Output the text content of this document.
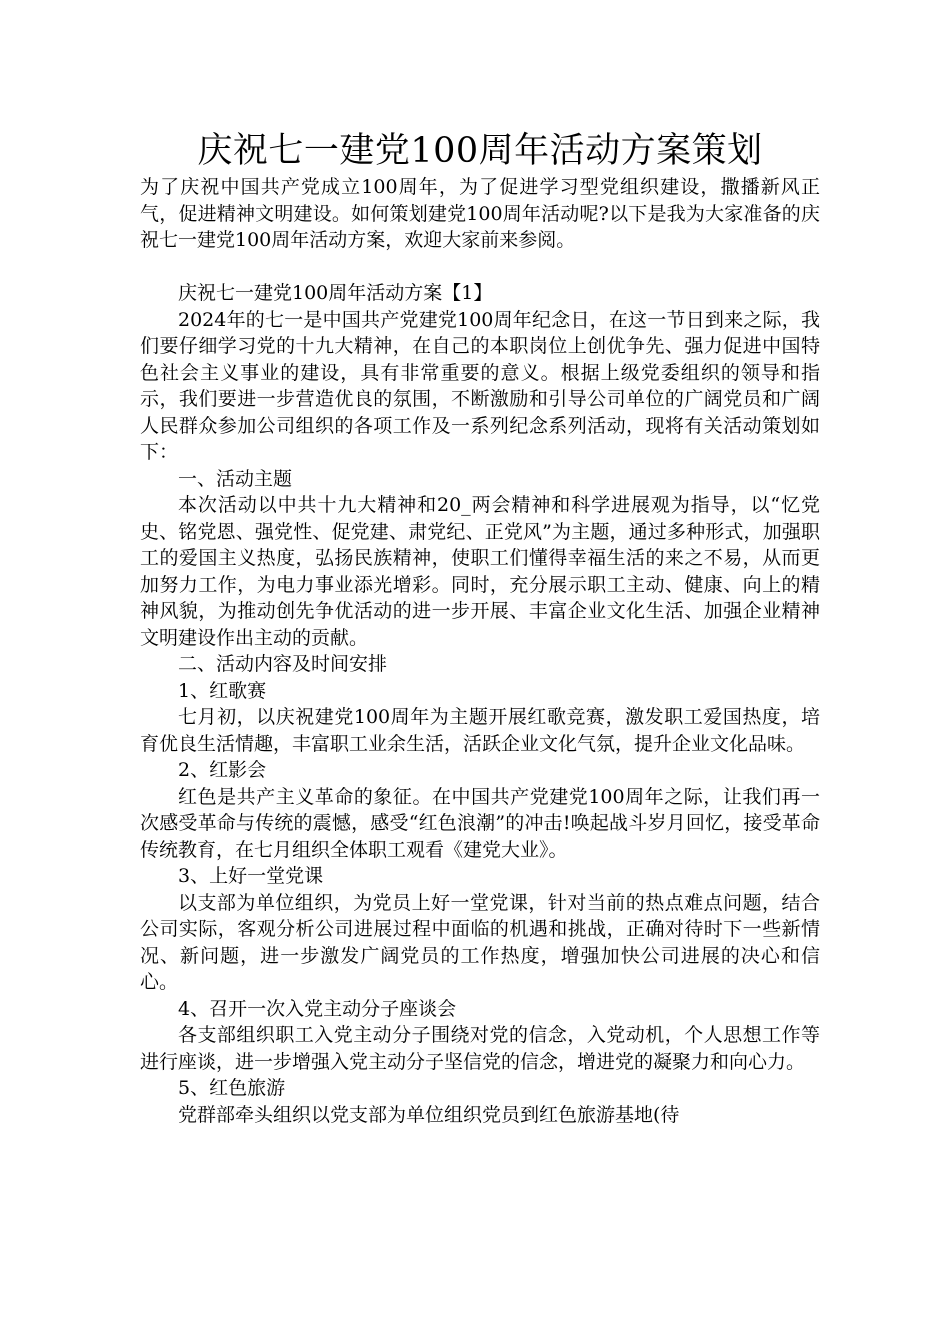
庆祝七一建党100周年活动方案策划

为了庆祝中国共产党成立100周年，为了促进学习型党组织建设，撒播新风正气，促进精神文明建设。如何策划建党100周年活动呢?以下是我为大家准备的庆祝七一建党100周年活动方案，欢迎大家前来参阅。

庆祝七一建党100周年活动方案【1】

2024年的七一是中国共产党建党100周年纪念日，在这一节日到来之际，我们要仔细学习党的十九大精神，在自己的本职岗位上创优争先、强力促进中国特色社会主义事业的建设，具有非常重要的意义。根据上级党委组织的领导和指示，我们要进一步营造优良的氛围，不断激励和引导公司单位的广阔党员和广阔人民群众参加公司组织的各项工作及一系列纪念系列活动，现将有关活动策划如下：

一、活动主题

本次活动以中共十九大精神和20_两会精神和科学进展观为指导，以“忆党史、铭党恩、强党性、促党建、肃党纪、正党风”为主题，通过多种形式，加强职工的爱国主义热度，弘扬民族精神，使职工们懂得幸福生活的来之不易，从而更加努力工作，为电力事业添光增彩。同时，充分展示职工主动、健康、向上的精神风貌，为推动创先争优活动的进一步开展、丰富企业文化生活、加强企业精神文明建设作出主动的贡献。

二、活动内容及时间安排

1、红歌赛

七月初，以庆祝建党100周年为主题开展红歌竞赛，激发职工爱国热度，培育优良生活情趣，丰富职工业余生活，活跃企业文化气氛，提升企业文化品味。

2、红影会

红色是共产主义革命的象征。在中国共产党建党100周年之际，让我们再一次感受革命与传统的震憾，感受“红色浪潮”的冲击!唤起战斗岁月回忆，接受革命传统教育，在七月组织全体职工观看《建党大业》。

3、上好一堂党课

以支部为单位组织，为党员上好一堂党课，针对当前的热点难点问题，结合公司实际，客观分析公司进展过程中面临的机遇和挑战，正确对待时下一些新情况、新问题，进一步激发广阔党员的工作热度，增强加快公司进展的决心和信心。

4、召开一次入党主动分子座谈会

各支部组织职工入党主动分子围绕对党的信念，入党动机，个人思想工作等进行座谈，进一步增强入党主动分子坚信党的信念，增进党的凝聚力和向心力。

5、红色旅游

党群部牵头组织以党支部为单位组织党员到红色旅游基地(待
